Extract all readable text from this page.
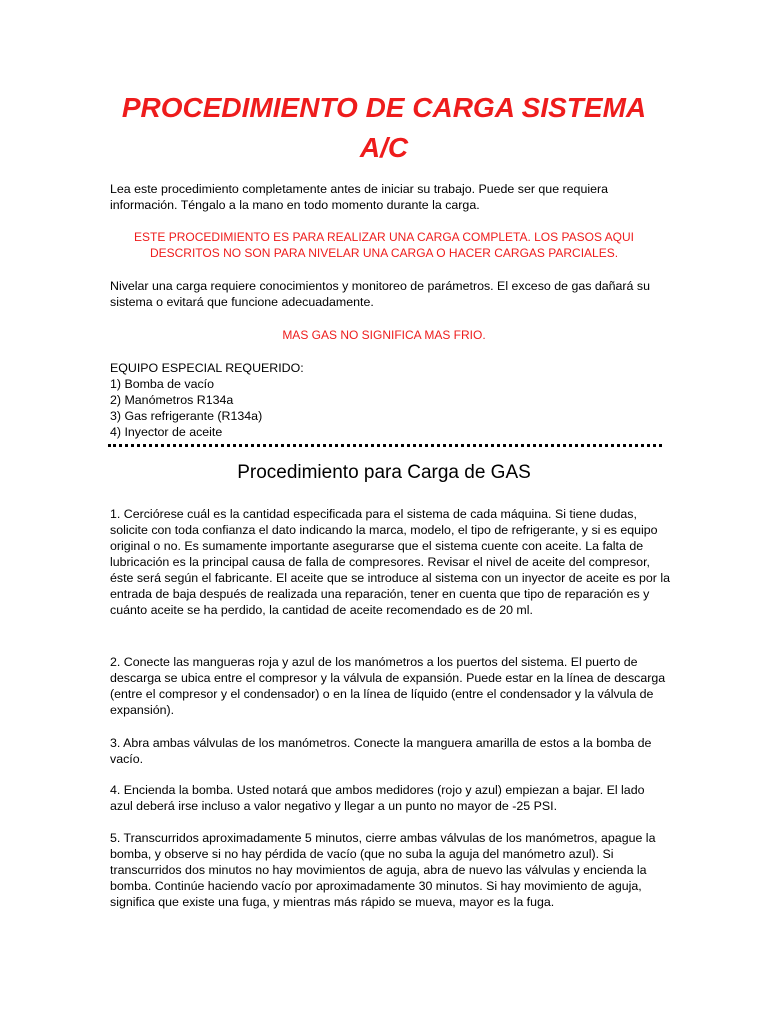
PROCEDIMIENTO DE CARGA SISTEMA
A/C

Lea este procedimiento completamente antes de iniciar su trabajo. Puede ser que requiera información. Téngalo a la mano en todo momento durante la carga.

ESTE PROCEDIMIENTO ES PARA REALIZAR UNA CARGA COMPLETA. LOS PASOS AQUI
DESCRITOS NO SON PARA NIVELAR UNA CARGA O HACER CARGAS PARCIALES.

Nivelar una carga requiere conocimientos y monitoreo de parámetros. El exceso de gas dañará su sistema o evitará que funcione adecuadamente.

MAS GAS NO SIGNIFICA MAS FRIO.

EQUIPO ESPECIAL REQUERIDO:
1) Bomba de vacío
2) Manómetros R134a
3) Gas refrigerante (R134a)
4) Inyector de aceite
Procedimiento para Carga de GAS

1. Cerciórese cuál es la cantidad especificada para el sistema de cada máquina. Si tiene dudas, solicite con toda confianza el dato indicando la marca, modelo, el tipo de refrigerante, y si es equipo original o no. Es sumamente importante asegurarse que el sistema cuente con aceite. La falta de lubricación es la principal causa de falla de compresores. Revisar el nivel de aceite del compresor, éste será según el fabricante. El aceite que se introduce al sistema con un inyector de aceite es por la entrada de baja después de realizada una reparación, tener en cuenta que tipo de reparación es y cuánto aceite se ha perdido, la cantidad de aceite recomendado es de 20 ml.

2. Conecte las mangueras roja y azul de los manómetros a los puertos del sistema. El puerto de descarga se ubica entre el compresor y la válvula de expansión. Puede estar en la línea de descarga (entre el compresor y el condensador) o en la línea de líquido (entre el condensador y la válvula de expansión).

3. Abra ambas válvulas de los manómetros. Conecte la manguera amarilla de estos a la bomba de vacío.

4. Encienda la bomba. Usted notará que ambos medidores (rojo y azul) empiezan a bajar. El lado azul deberá irse incluso a valor negativo y llegar a un punto no mayor de -25 PSI.

5. Transcurridos aproximadamente 5 minutos, cierre ambas válvulas de los manómetros, apague la bomba, y observe si no hay pérdida de vacío (que no suba la aguja del manómetro azul). Si transcurridos dos minutos no hay movimientos de aguja, abra de nuevo las válvulas y encienda la bomba. Continúe haciendo vacío por aproximadamente 30 minutos. Si hay movimiento de aguja, significa que existe una fuga, y mientras más rápido se mueva, mayor es la fuga.
